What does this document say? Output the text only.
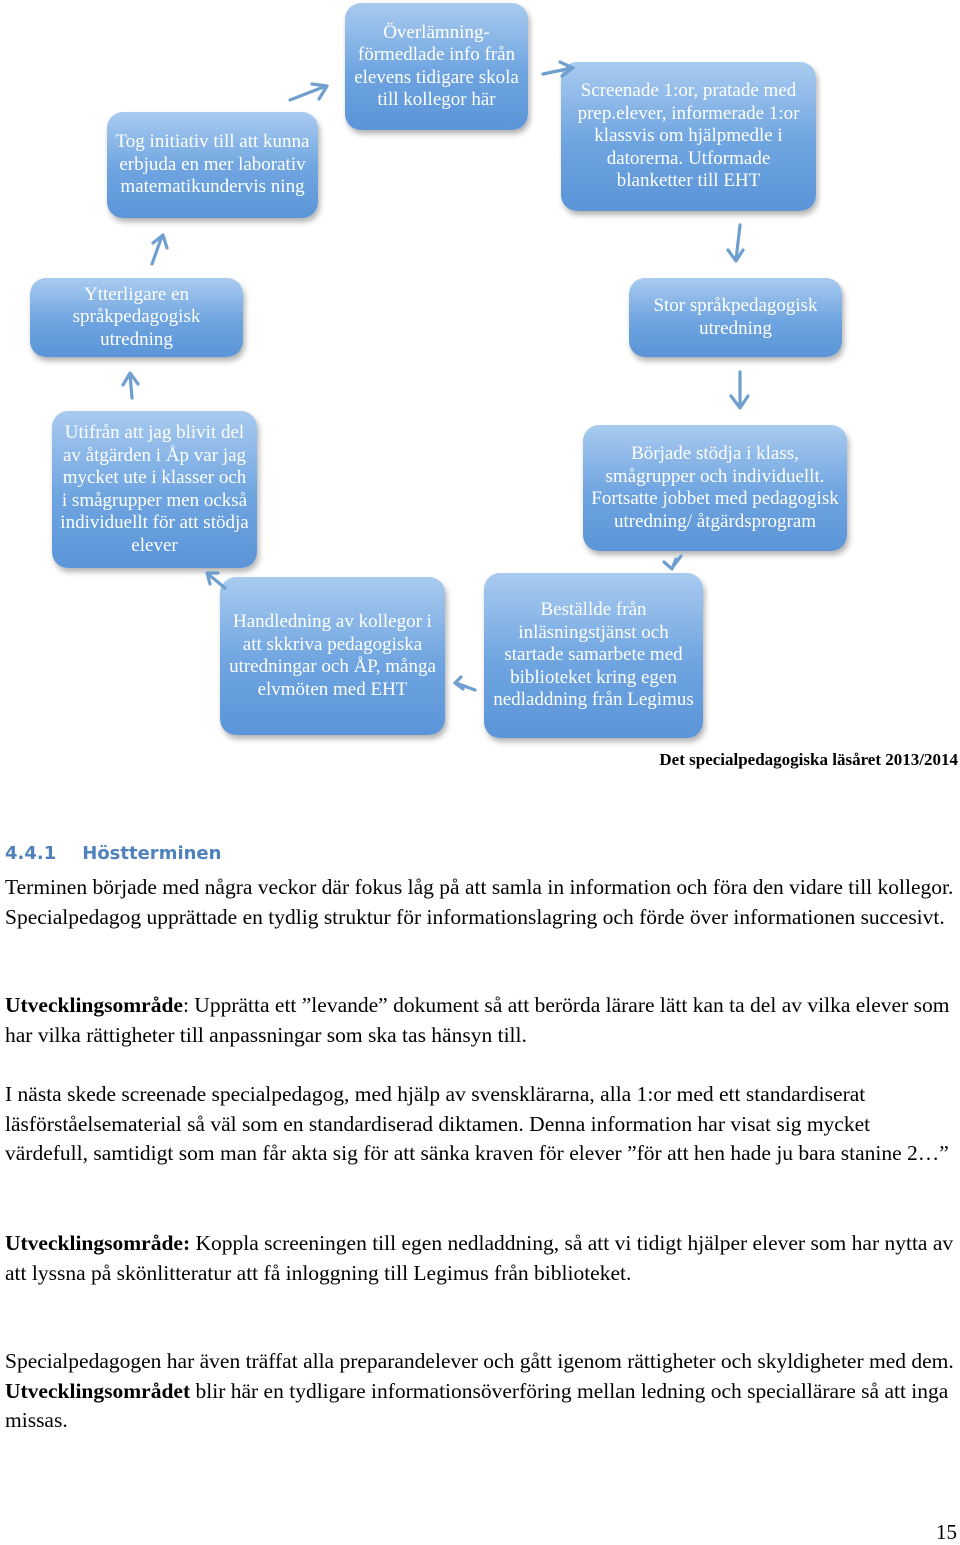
Tog initiativ till att kunna erbjuda en mer laborativ matematikundervis ning
Överlämning- förmedlade info från elevens tidigare skola till kollegor här	Screenade 1:or, pratade med prep.elever, informerade 1:or klassvis om hjälpmedle i datorerna. Utformade blanketter till EHT
Ytterligare en språkpedagogisk utredning
Stor språkpedagogisk utredning
Utifrån att jag blivit del av åtgärden i Åp var jag mycket ute i klasser och i smågrupper men också individuellt för att stödja elever
Började stödja i klass, smågrupper och individuellt. Fortsatte jobbet med pedagogisk utredning/ åtgärdsprogram
Handledning av kollegor i att skkriva pedagogiska utredningar och ÅP, många elvmöten med EHT
Beställde från inläsningstjänst och startade samarbete med biblioteket kring egen nedladdning från Legimus
Det specialpedagogiska läsåret 2013/2014
4.4.1 Höstterminen

Terminen började med några veckor där fokus låg på att samla in information och föra den vidare till kollegor. Specialpedagog upprättade en tydlig struktur för informationslagring och förde över informationen succesivt.

Utvecklingsområde: Upprätta ett ”levande” dokument så att berörda lärare lätt kan ta del av vilka elever som har vilka rättigheter till anpassningar som ska tas hänsyn till.

I nästa skede screenade specialpedagog, med hjälp av svensklärarna, alla 1:or med ett standardiserat läsförståelsematerial så väl som en standardiserad diktamen. Denna information har visat sig mycket värdefull, samtidigt som man får akta sig för att sänka kraven för elever ”för att hen hade ju bara stanine 2…”

Utvecklingsområde: Koppla screeningen till egen nedladdning, så att vi tidigt hjälper elever som har nytta av att lyssna på skönlitteratur att få inloggning till Legimus från biblioteket.

Specialpedagogen har även träffat alla preparandelever och gått igenom rättigheter och skyldigheter med dem. Utvecklingsområdet blir här en tydligare informationsöverföring mellan ledning och speciallärare så att inga missas.

15
